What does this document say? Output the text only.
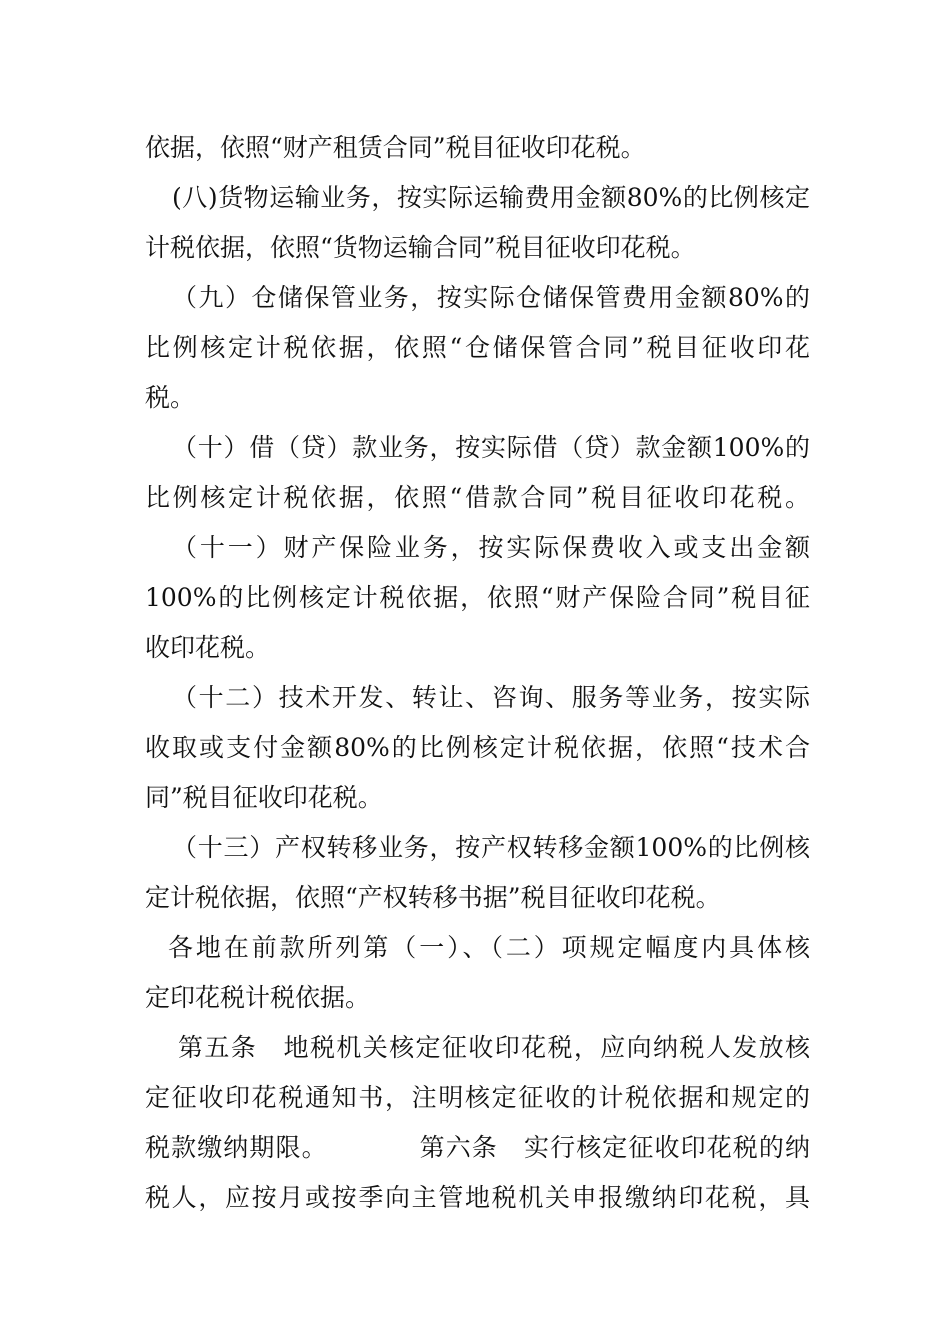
依据，依照“财产租赁合同”税目征收印花税。
(八)货物运输业务，按实际运输费用金额80%的比例核定
计税依据，依照“货物运输合同”税目征收印花税。
（九）仓储保管业务，按实际仓储保管费用金额80%的
比例核定计税依据，依照“仓储保管合同”税目征收印花
税。
（十）借（贷）款业务，按实际借（贷）款金额100%的
比例核定计税依据，依照“借款合同”税目征收印花税。
（十一）财产保险业务，按实际保费收入或支出金额
100%的比例核定计税依据，依照“财产保险合同”税目征
收印花税。
（十二）技术开发、转让、咨询、服务等业务，按实际
收取或支付金额80%的比例核定计税依据，依照“技术合
同”税目征收印花税。
（十三）产权转移业务，按产权转移金额100%的比例核
定计税依据，依照“产权转移书据”税目征收印花税。
各地在前款所列第（一）、（二）项规定幅度内具体核
定印花税计税依据。
第五条　地税机关核定征收印花税，应向纳税人发放核
定征收印花税通知书，注明核定征收的计税依据和规定的
税款缴纳期限。　　　　第六条　实行核定征收印花税的纳
税人，应按月或按季向主管地税机关申报缴纳印花税，具
